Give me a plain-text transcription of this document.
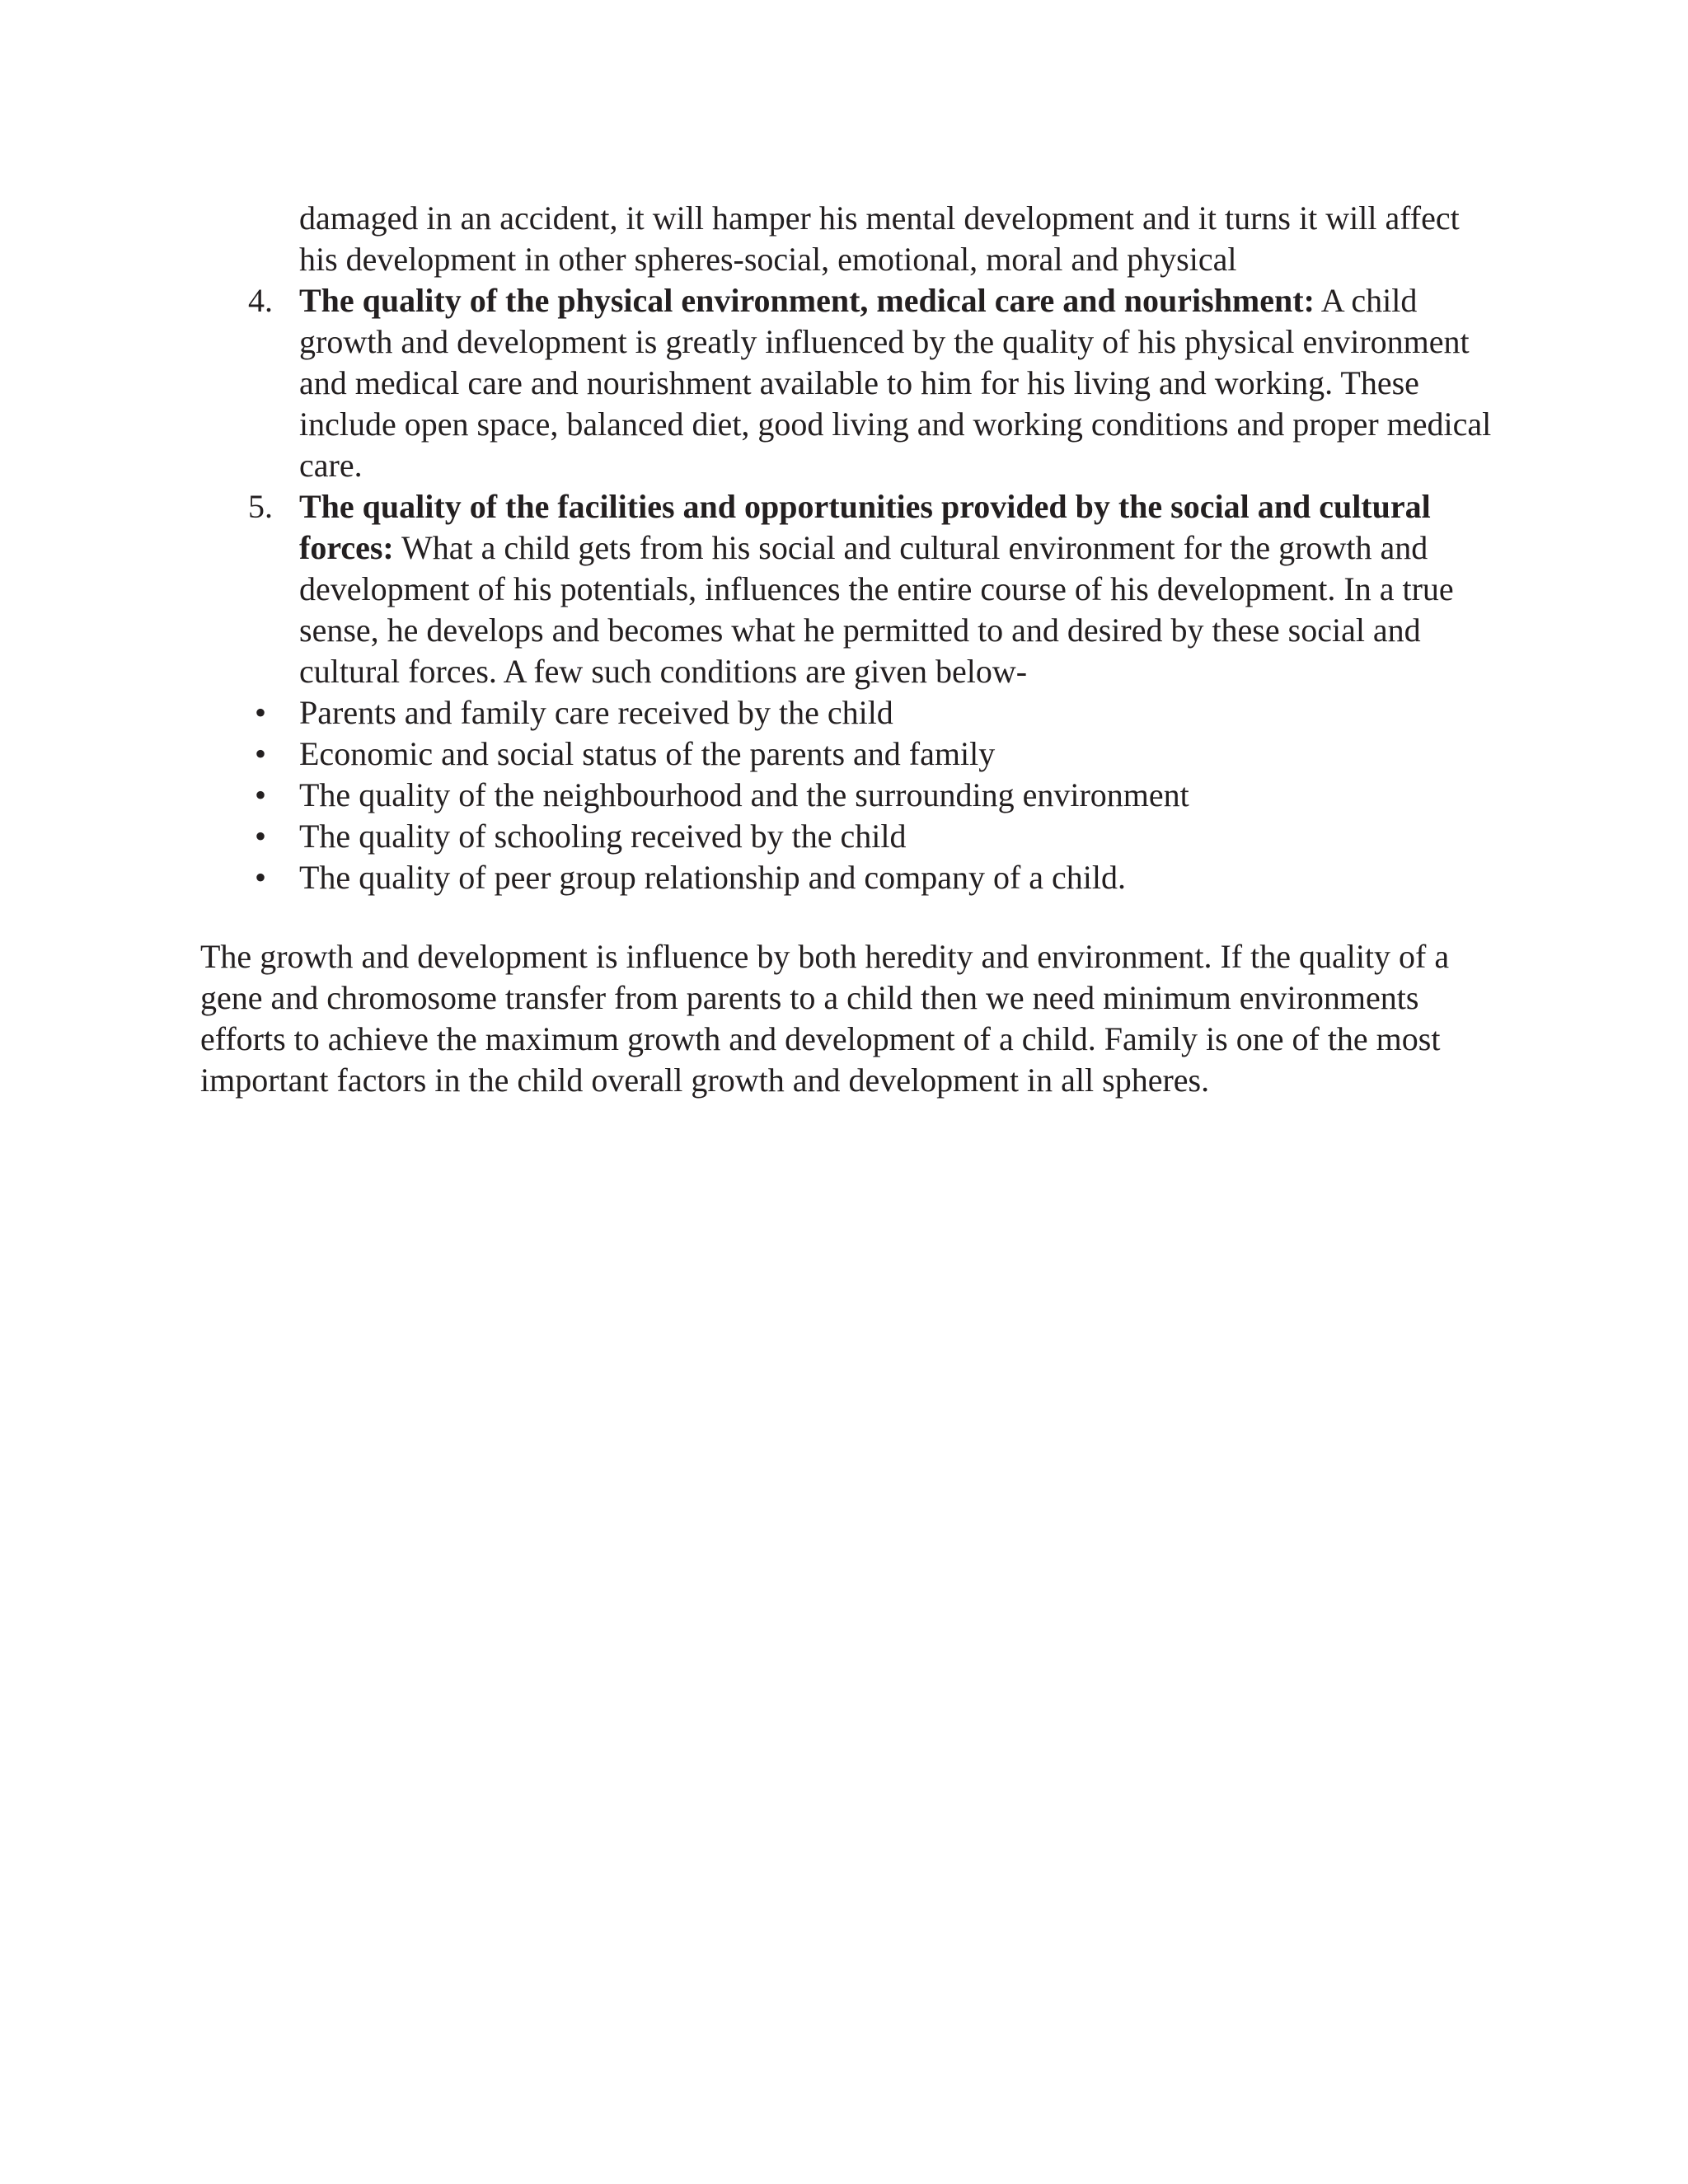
damaged in an accident, it will hamper his mental development and it turns it will affect his development in other spheres-social, emotional, moral and physical
4. The quality of the physical environment, medical care and nourishment: A child growth and development is greatly influenced by the quality of his physical environment and medical care and nourishment available to him for his living and working. These include open space, balanced diet, good living and working conditions and proper medical care.
5. The quality of the facilities and opportunities provided by the social and cultural forces: What a child gets from his social and cultural environment for the growth and development of his potentials, influences the entire course of his development. In a true sense, he develops and becomes what he permitted to and desired by these social and cultural forces. A few such conditions are given below-
• Parents and family care received by the child
• Economic and social status of the parents and family
• The quality of the neighbourhood and the surrounding environment
• The quality of schooling received by the child
• The quality of peer group relationship and company of a child.
The growth and development is influence by both heredity and environment. If the quality of a gene and chromosome transfer from parents to a child then we need minimum environments efforts to achieve the maximum growth and development of a child. Family is one of the most important factors in the child overall growth and development in all spheres.
